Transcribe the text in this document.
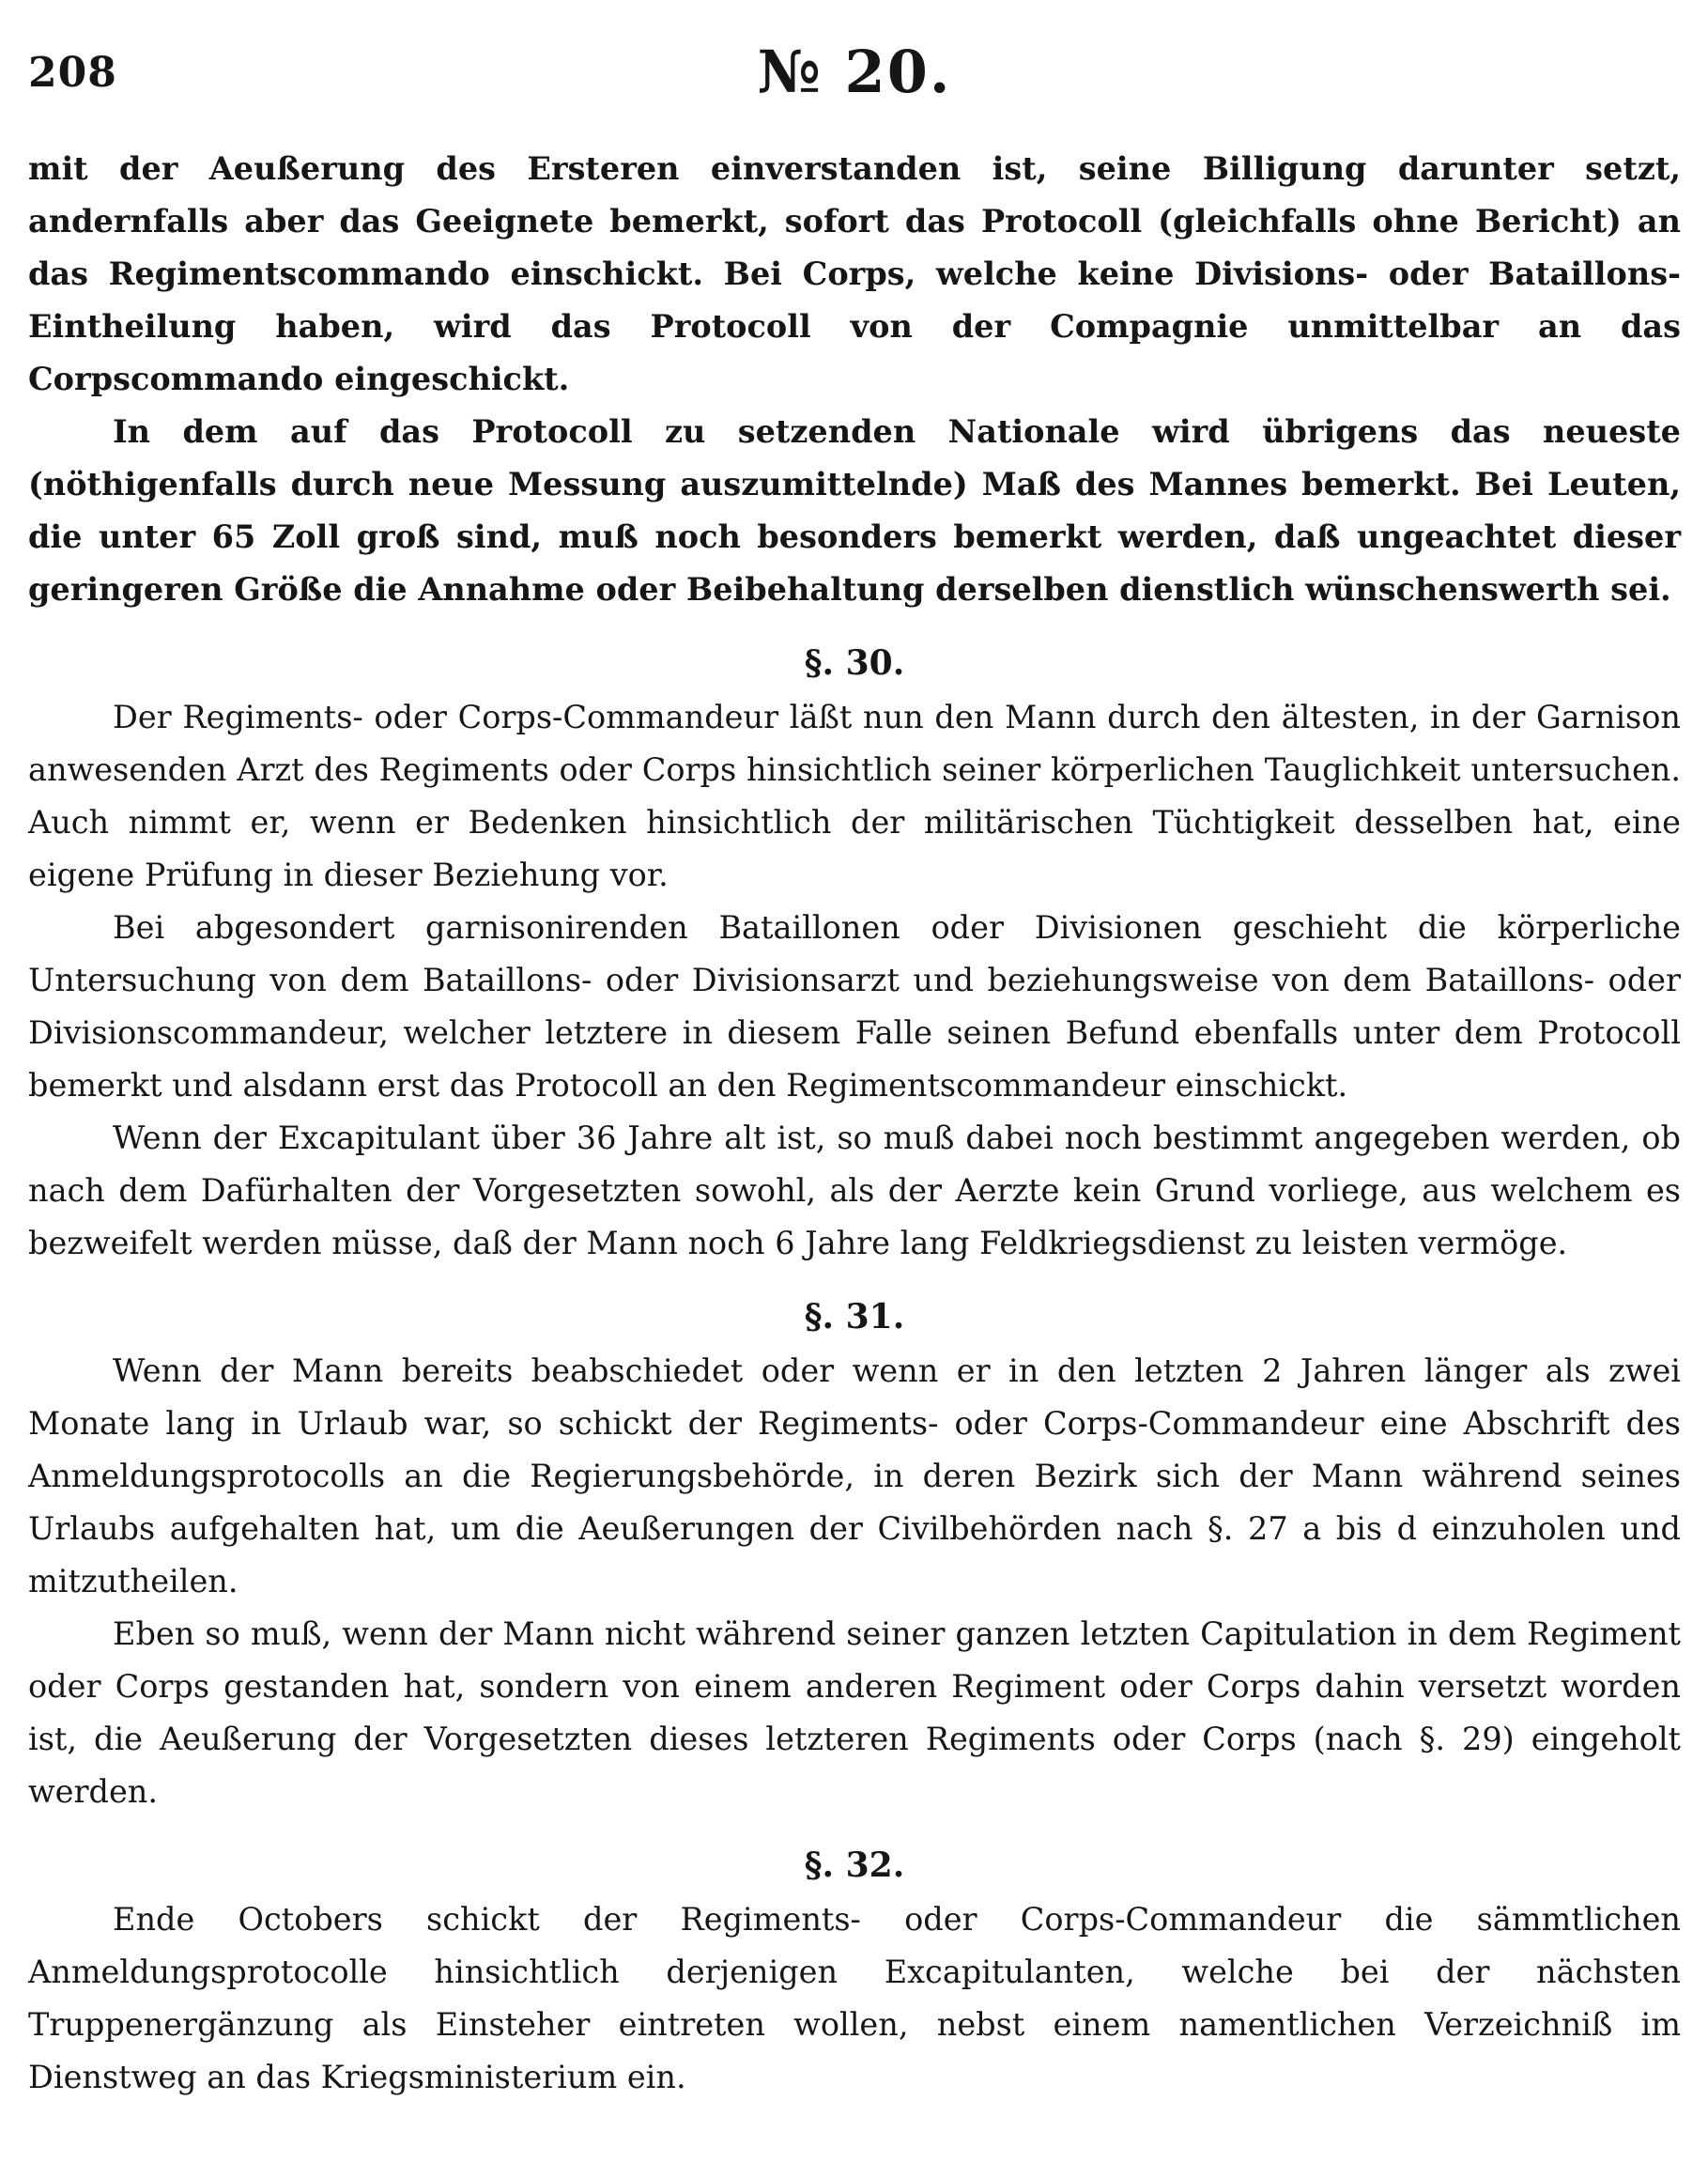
208	№ 20.

mit der Aeußerung des Ersteren einverstanden ist, seine Billigung darunter setzt, andernfalls aber das Geeignete bemerkt, sofort das Protocoll (gleichfalls ohne Bericht) an das Regimentscommando einschickt. Bei Corps, welche keine Divisions- oder Bataillons-Eintheilung haben, wird das Protocoll von der Compagnie unmittelbar an das Corpscommando eingeschickt.

In dem auf das Protocoll zu setzenden Nationale wird übrigens das neueste (nöthigenfalls durch neue Messung auszumittelnde) Maß des Mannes bemerkt. Bei Leuten, die unter 65 Zoll groß sind, muß noch besonders bemerkt werden, daß ungeachtet dieser geringeren Größe die Annahme oder Beibehaltung derselben dienstlich wünschenswerth sei.

§. 30.

Der Regiments- oder Corps-Commandeur läßt nun den Mann durch den ältesten, in der Garnison anwesenden Arzt des Regiments oder Corps hinsichtlich seiner körperlichen Tauglichkeit untersuchen. Auch nimmt er, wenn er Bedenken hinsichtlich der militärischen Tüchtigkeit desselben hat, eine eigene Prüfung in dieser Beziehung vor.

Bei abgesondert garnisonirenden Bataillonen oder Divisionen geschieht die körperliche Untersuchung von dem Bataillons- oder Divisionsarzt und beziehungsweise von dem Bataillons- oder Divisionscommandeur, welcher letztere in diesem Falle seinen Befund ebenfalls unter dem Protocoll bemerkt und alsdann erst das Protocoll an den Regimentscommandeur einschickt.

Wenn der Excapitulant über 36 Jahre alt ist, so muß dabei noch bestimmt angegeben werden, ob nach dem Dafürhalten der Vorgesetzten sowohl, als der Aerzte kein Grund vorliege, aus welchem es bezweifelt werden müsse, daß der Mann noch 6 Jahre lang Feldkriegsdienst zu leisten vermöge.

§. 31.

Wenn der Mann bereits beabschiedet oder wenn er in den letzten 2 Jahren länger als zwei Monate lang in Urlaub war, so schickt der Regiments- oder Corps-Commandeur eine Abschrift des Anmeldungsprotocolls an die Regierungsbehörde, in deren Bezirk sich der Mann während seines Urlaubs aufgehalten hat, um die Aeußerungen der Civilbehörden nach §. 27 a bis d einzuholen und mitzutheilen.

Eben so muß, wenn der Mann nicht während seiner ganzen letzten Capitulation in dem Regiment oder Corps gestanden hat, sondern von einem anderen Regiment oder Corps dahin versetzt worden ist, die Aeußerung der Vorgesetzten dieses letzteren Regiments oder Corps (nach §. 29) eingeholt werden.

§. 32.

Ende Octobers schickt der Regiments- oder Corps-Commandeur die sämmtlichen Anmeldungsprotocolle hinsichtlich derjenigen Excapitulanten, welche bei der nächsten Truppenergänzung als Einsteher eintreten wollen, nebst einem namentlichen Verzeichniß im Dienstweg an das Kriegsministerium ein.
